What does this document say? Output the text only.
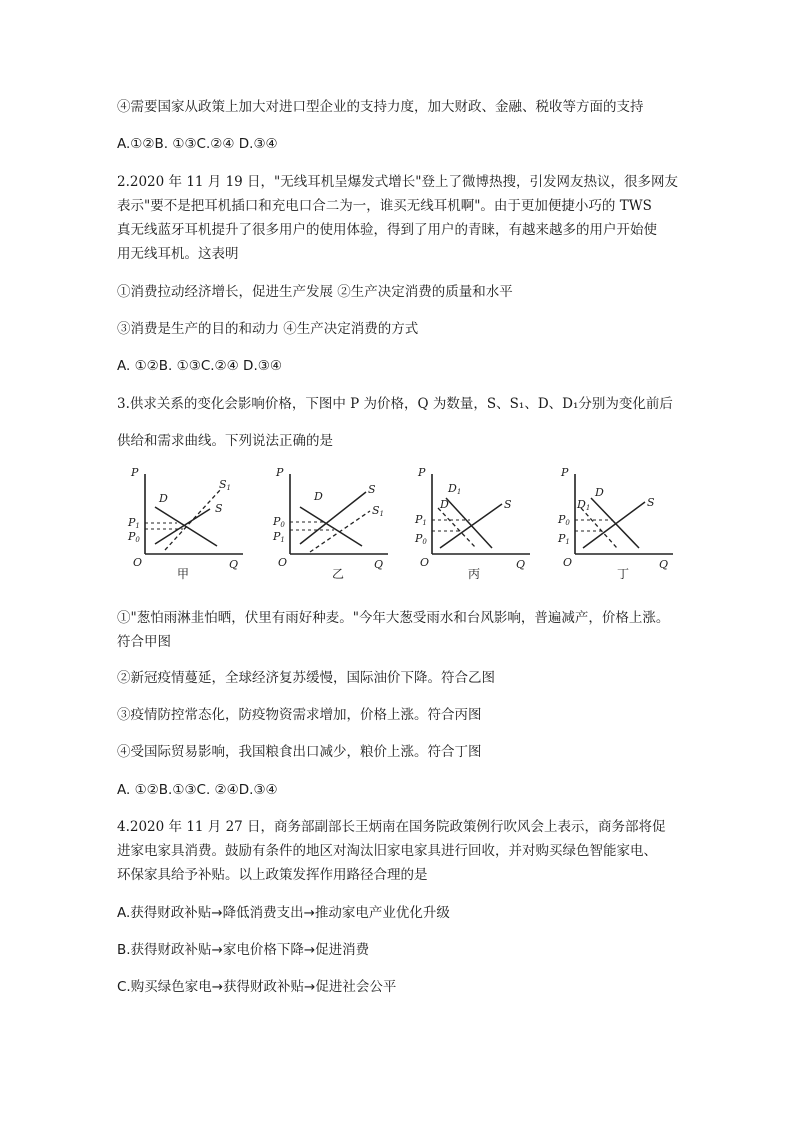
④需要国家从政策上加大对进口型企业的支持力度，加大财政、金融、税收等方面的支持
A.①②B. ①③C.②④ D.③④
2.2020 年 11 月 19 日，"无线耳机呈爆发式增长"登上了微博热搜，引发网友热议，很多网友
表示"要不是把耳机插口和充电口合二为一，谁买无线耳机啊"。由于更加便捷小巧的 TWS
真无线蓝牙耳机提升了很多用户的使用体验，得到了用户的青睐，有越来越多的用户开始使
用无线耳机。这表明
①消费拉动经济增长，促进生产发展 ②生产决定消费的质量和水平
③消费是生产的目的和动力 ④生产决定消费的方式
A. ①②B. ①③C.②④ D.③④
3.供求关系的变化会影响价格，下图中 P 为价格，Q 为数量，S、S₁、D、D₁分别为变化前后
供给和需求曲线。下列说法正确的是
P
Q
O
D
S1
S
P1
P0
甲
P
Q
O
D
S
S1
P0
P1
乙
P
Q
O
D1
D	S
P1
P0
丙
P
Q
O
D1
D
S
P0
P1
丁
①"葱怕雨淋韭怕晒，伏里有雨好种麦。"今年大葱受雨水和台风影响，普遍减产，价格上涨。
符合甲图
②新冠疫情蔓延，全球经济复苏缓慢，国际油价下降。符合乙图
③疫情防控常态化，防疫物资需求增加，价格上涨。符合丙图
④受国际贸易影响，我国粮食出口减少，粮价上涨。符合丁图
A. ①②B.①③C. ②④D.③④
4.2020 年 11 月 27 日，商务部副部长王炳南在国务院政策例行吹风会上表示，商务部将促
进家电家具消费。鼓励有条件的地区对淘汰旧家电家具进行回收，并对购买绿色智能家电、
环保家具给予补贴。以上政策发挥作用路径合理的是
A.获得财政补贴→降低消费支出→推动家电产业优化升级
B.获得财政补贴→家电价格下降→促进消费
C.购买绿色家电→获得财政补贴→促进社会公平
